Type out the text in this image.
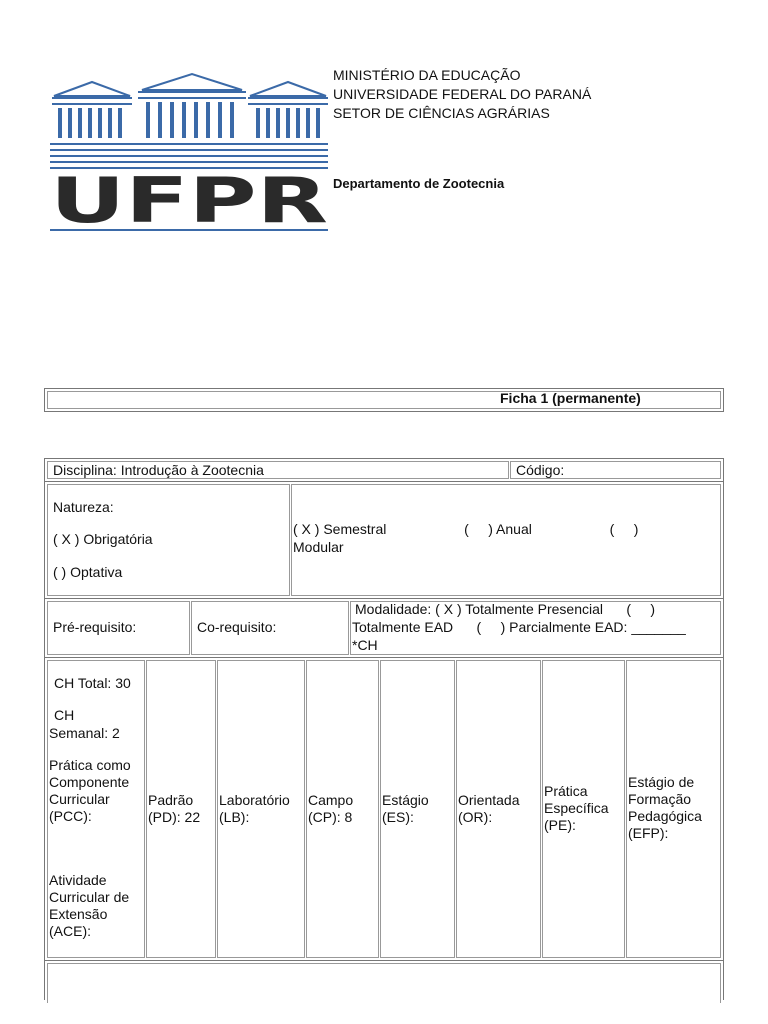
UFPR
MINISTÉRIO DA EDUCAÇÃO
UNIVERSIDADE FEDERAL DO PARANÁ
SETOR DE CIÊNCIAS AGRÁRIAS
Departamento de Zootecnia
Ficha 1 (permanente)
Disciplina: Introdução à Zootecnia	Código:
Natureza:
( X ) Obrigatória
( ) Optativa
( X ) Semestral                    (     ) Anual                    (     )
Modular
Pré-requisito:	Co-requisito:
Modalidade: ( X ) Totalmente Presencial      (     )
Totalmente EAD      (     ) Parcialmente EAD: _______
*CH
CH Total: 30
CH
Semanal: 2
Prática como
Componente
Curricular
(PCC):
Atividade
Curricular de
Extensão
(ACE):
Padrão
(PD): 22
Laboratório
(LB):
Campo
(CP): 8
Estágio
(ES):
Orientada
(OR):
Prática
Específica
(PE):
Estágio de
Formação
Pedagógica
(EFP):
